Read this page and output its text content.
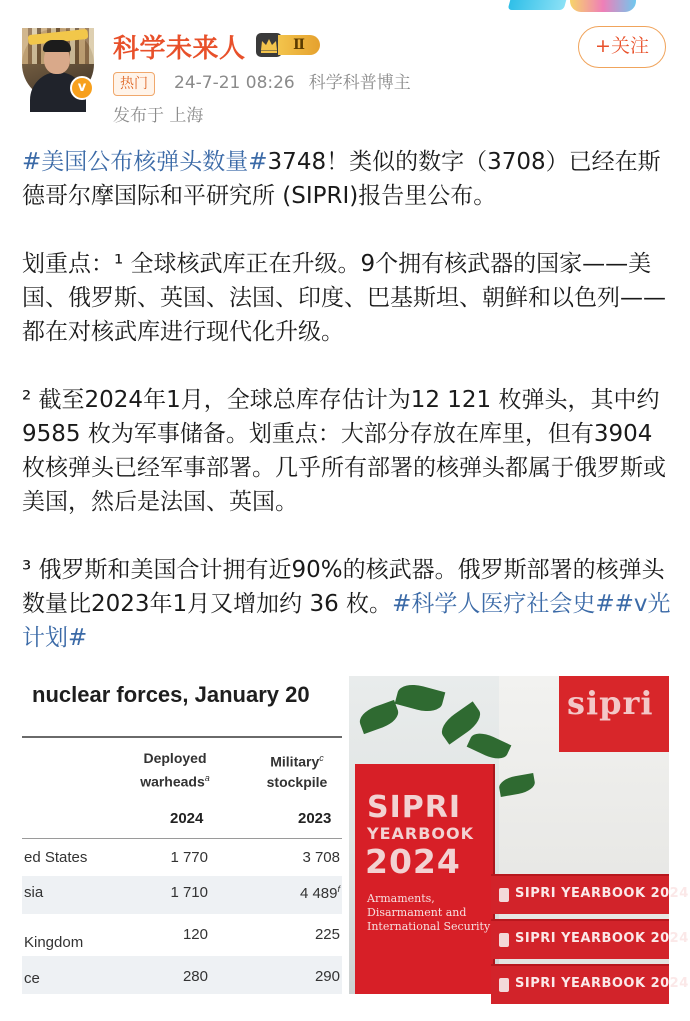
v
科学未来人	Ⅱ
热门	24-7-21 08:26 科学科普博主
发布于 上海
+关注

#美国公布核弹头数量#3748！类似的数字（3708）已经在斯德哥尔摩国际和平研究所 (SIPRI)报告里公布。

划重点：¹ 全球核武库正在升级。9个拥有核武器的国家——美国、俄罗斯、英国、法国、印度、巴基斯坦、朝鲜和以色列——都在对核武库进行现代化升级。

² 截至2024年1月，全球总库存估计为12 121 枚弹头，其中约9585 枚为军事储备。划重点：大部分存放在库里，但有3904枚核弹头已经军事部署。几乎所有部署的核弹头都属于俄罗斯或美国，然后是法国、英国。

³ 俄罗斯和美国合计拥有近90%的核武器。俄罗斯部署的核弹头数量比2023年1月又增加约 36 枚。#科学人医疗社会史##v光计划#

nuclear forces, January 20
Deployed
warheads$^a$
Military$^c$
stockpile
2024	2023
ed States	1 770	3 708
sia	1 710	4 489$^f$
Kingdom	120	225
ce	280	290
sipri
SIPRI
YEARBOOK
2024
Armaments, Disarmament and International Security
SIPRI YEARBOOK 2024
SIPRI YEARBOOK 2024
SIPRI YEARBOOK 2024
